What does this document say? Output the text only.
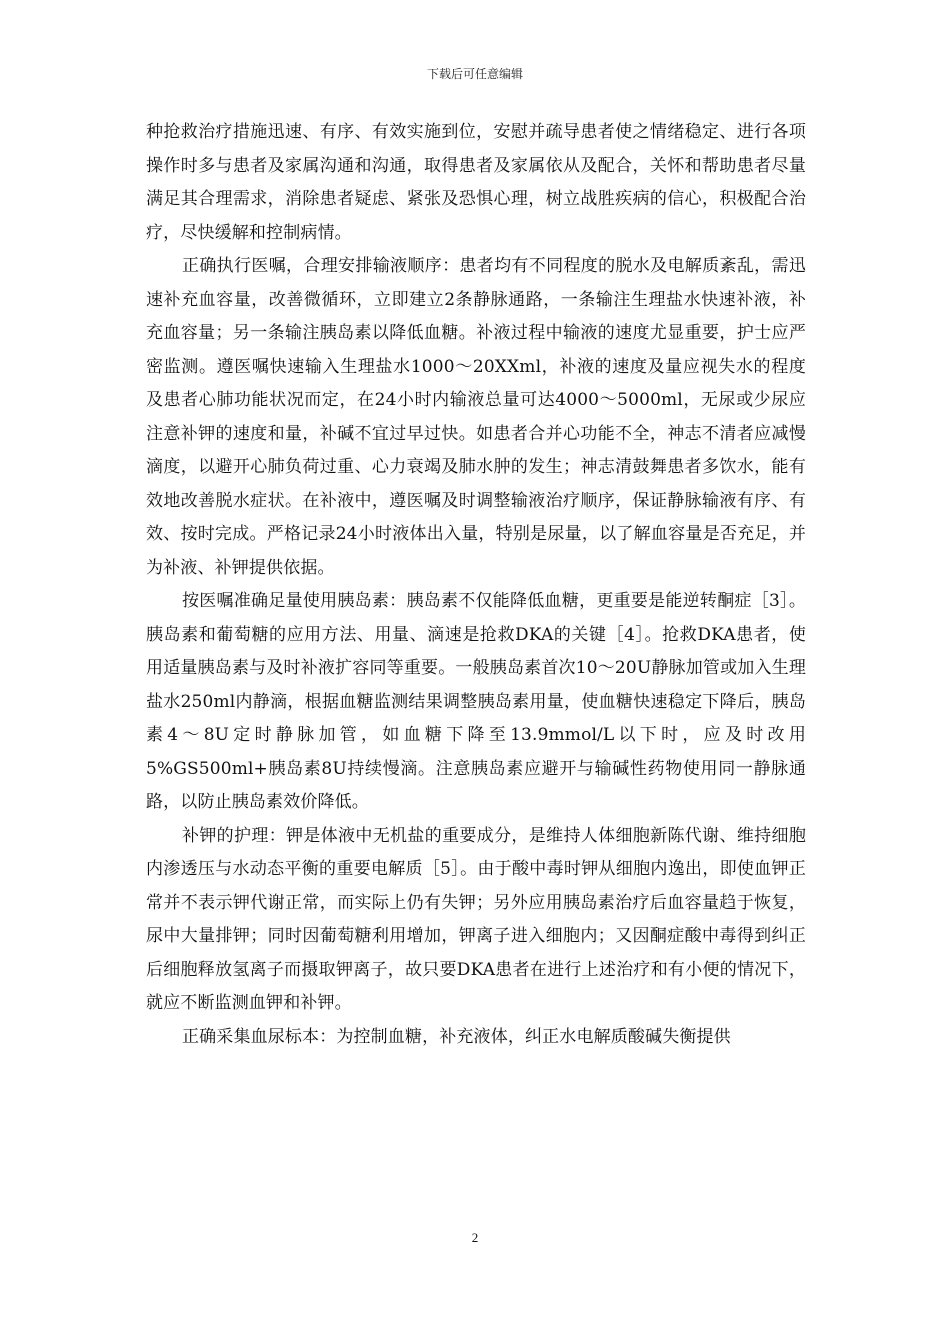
下载后可任意编辑

种抢救治疗措施迅速、有序、有效实施到位，安慰并疏导患者使之情绪稳定、进行各项操作时多与患者及家属沟通和沟通，取得患者及家属依从及配合，关怀和帮助患者尽量满足其合理需求，消除患者疑虑、紧张及恐惧心理，树立战胜疾病的信心，积极配合治疗，尽快缓解和控制病情。

正确执行医嘱，合理安排输液顺序：患者均有不同程度的脱水及电解质紊乱，需迅速补充血容量，改善微循环，立即建立2条静脉通路，一条输注生理盐水快速补液，补充血容量；另一条输注胰岛素以降低血糖。补液过程中输液的速度尤显重要，护士应严密监测。遵医嘱快速输入生理盐水1000～20XXml，补液的速度及量应视失水的程度及患者心肺功能状况而定，在24小时内输液总量可达4000～5000ml，无尿或少尿应注意补钾的速度和量，补碱不宜过早过快。如患者合并心功能不全，神志不清者应减慢滴度，以避开心肺负荷过重、心力衰竭及肺水肿的发生；神志清鼓舞患者多饮水，能有效地改善脱水症状。在补液中，遵医嘱及时调整输液治疗顺序，保证静脉输液有序、有效、按时完成。严格记录24小时液体出入量，特别是尿量，以了解血容量是否充足，并为补液、补钾提供依据。

按医嘱准确足量使用胰岛素：胰岛素不仅能降低血糖，更重要是能逆转酮症［3］。胰岛素和葡萄糖的应用方法、用量、滴速是抢救DKA的关键［4］。抢救DKA患者，使用适量胰岛素与及时补液扩容同等重要。一般胰岛素首次10～20U静脉加管或加入生理盐水250ml内静滴，根据血糖监测结果调整胰岛素用量，使血糖快速稳定下降后，胰岛素4～8U定时静脉加管，如血糖下降至13.9mmol/L以下时，应及时改用5%GS500ml+胰岛素8U持续慢滴。注意胰岛素应避开与输碱性药物使用同一静脉通路，以防止胰岛素效价降低。

补钾的护理：钾是体液中无机盐的重要成分，是维持人体细胞新陈代谢、维持细胞内渗透压与水动态平衡的重要电解质［5］。由于酸中毒时钾从细胞内逸出，即使血钾正常并不表示钾代谢正常，而实际上仍有失钾；另外应用胰岛素治疗后血容量趋于恢复，尿中大量排钾；同时因葡萄糖利用增加，钾离子进入细胞内；又因酮症酸中毒得到纠正后细胞释放氢离子而摄取钾离子，故只要DKA患者在进行上述治疗和有小便的情况下，就应不断监测血钾和补钾。

正确采集血尿标本：为控制血糖，补充液体，纠正水电解质酸碱失衡提供

2
